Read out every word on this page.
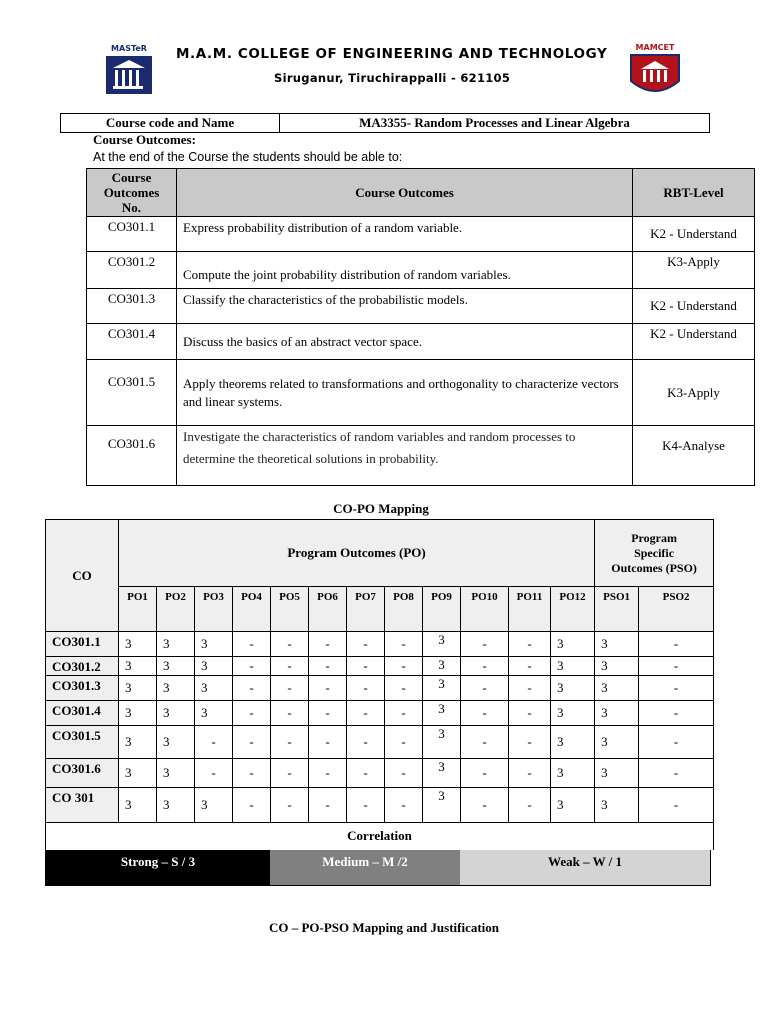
MASTeR	M.A.M. COLLEGE OF ENGINEERING AND TECHNOLOGY
Siruganur, Tiruchirappalli - 621105
MAMCET
Course code and Name	MA3355- Random Processes and Linear Algebra
Course Outcomes:
At the end of the Course the students should be able to:
Course
Outcomes
No.	Course Outcomes	RBT-Level
CO301.1	Express probability distribution of a random variable.	K2 - Understand
CO301.2	Compute the joint probability distribution of random variables.	K3-Apply
CO301.3	Classify the characteristics of the probabilistic models.	K2 - Understand
CO301.4	Discuss the basics of an abstract vector space.	K2 - Understand
CO301.5	Apply theorems related to transformations and orthogonality to characterize vectors and linear systems.	K3-Apply
CO301.6	Investigate the characteristics of random variables and random processes to determine the theoretical solutions in probability.	K4-Analyse
CO-PO Mapping
CO	Program Outcomes (PO)												Program
Specific
Outcomes (PSO)	
	PO1	PO2	PO3	PO4	PO5	PO6	PO7	PO8	PO9	PO10	PO11	PO12	PSO1	PSO2
CO301.1	3	3	3	-	-	-	-	-	3	-	-	3	3	-
CO301.2	3	3	3	-	-	-	-	-	3	-	-	3	3	-
CO301.3	3	3	3	-	-	-	-	-	3	-	-	3	3	-
CO301.4	3	3	3	-	-	-	-	-	3	-	-	3	3	-
CO301.5	3	3	-	-	-	-	-	-	3	-	-	3	3	-
CO301.6	3	3	-	-	-	-	-	-	3	-	-	3	3	-
CO 301	3	3	3	-	-	-	-	-	3	-	-	3	3	-
Correlation														
Strong – S / 3	Medium – M /2	Weak – W / 1
CO – PO-PSO Mapping and Justification
